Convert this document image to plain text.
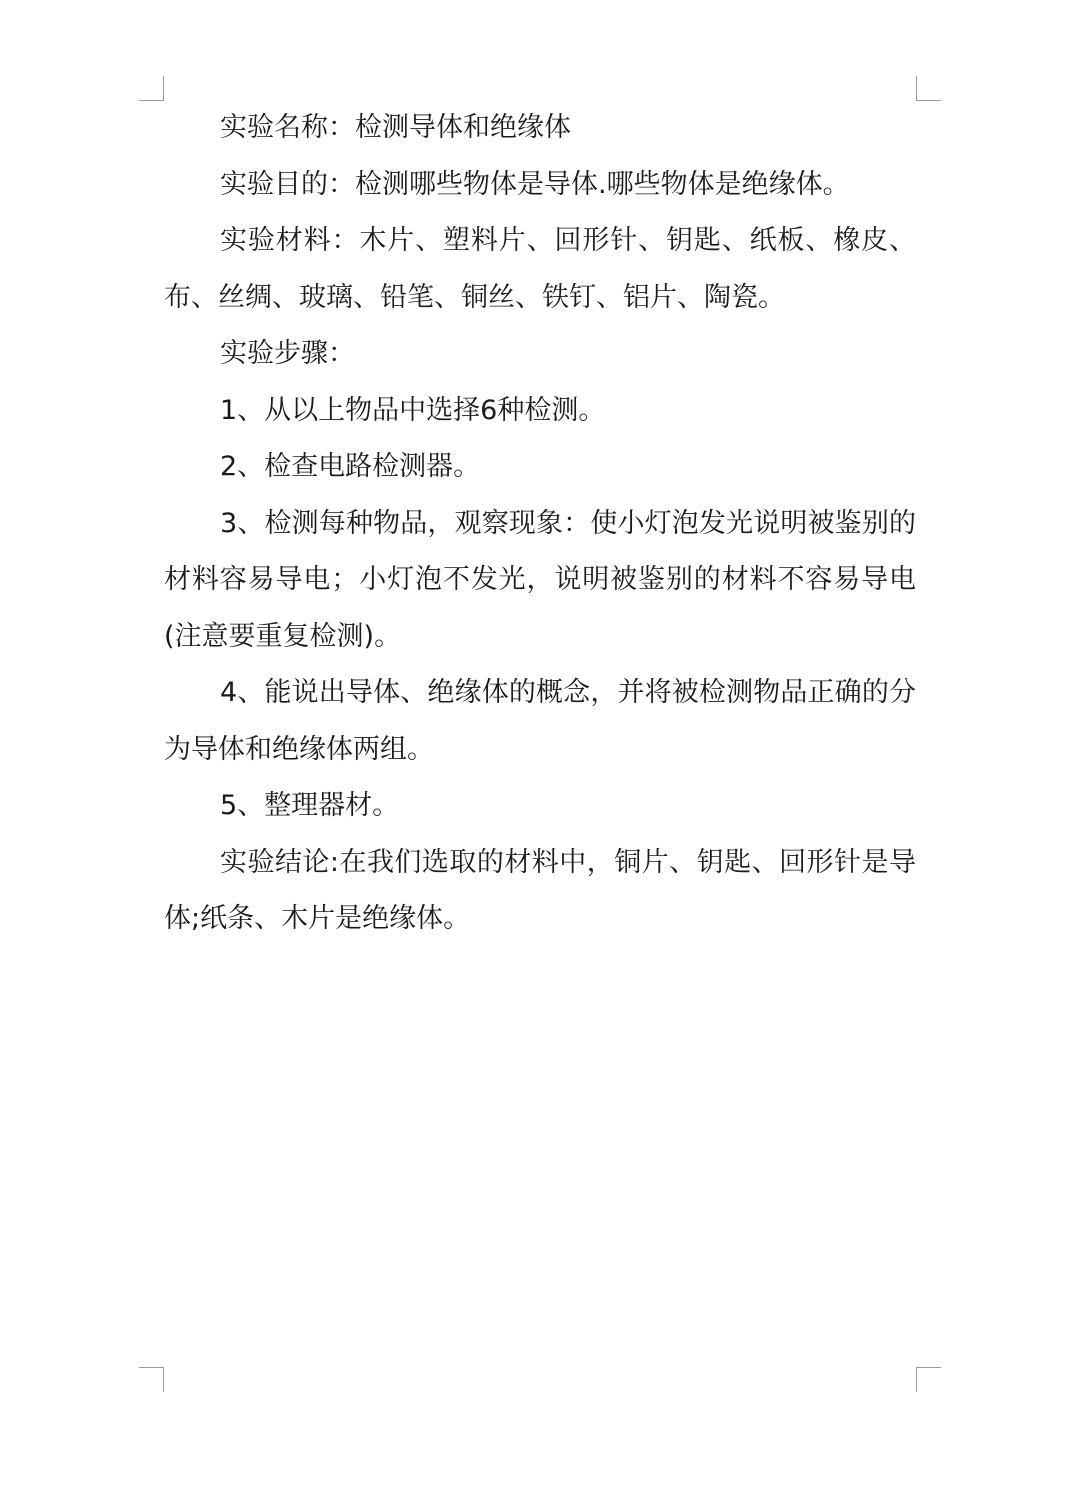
实验名称：检测导体和绝缘体

实验目的：检测哪些物体是导体.哪些物体是绝缘体。

实验材料：木片、塑料片、回形针、钥匙、纸板、橡皮、布、丝绸、玻璃、铅笔、铜丝、铁钉、铝片、陶瓷。

实验步骤：

1、从以上物品中选择6种检测。

2、检查电路检测器。

3、检测每种物品，观察现象：使小灯泡发光说明被鉴别的材料容易导电；小灯泡不发光，说明被鉴别的材料不容易导电(注意要重复检测)。

4、能说出导体、绝缘体的概念，并将被检测物品正确的分为导体和绝缘体两组。

5、整理器材。

实验结论:在我们选取的材料中，铜片、钥匙、回形针是导体;纸条、木片是绝缘体。
